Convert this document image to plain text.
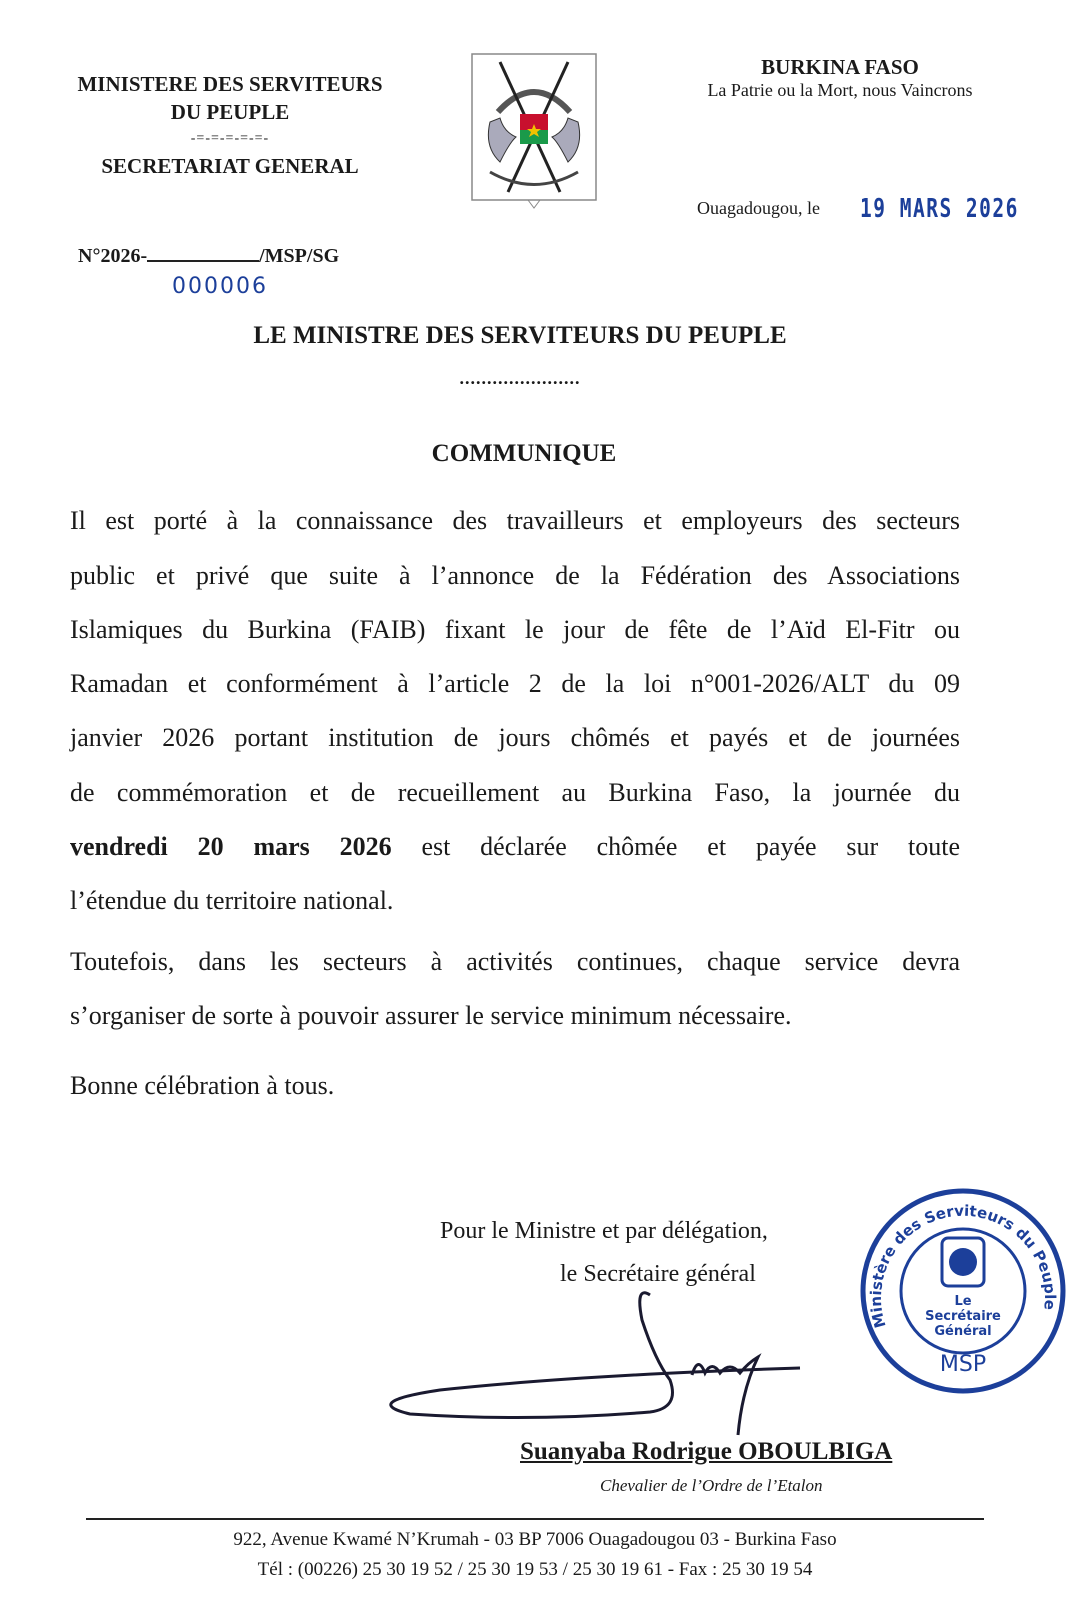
MINISTERE DES SERVITEURS
DU PEUPLE
-=-=-=-=-=-
SECRETARIAT GENERAL
BURKINA FASO
La Patrie ou la Mort, nous Vaincrons
Ouagadougou, le 19 MARS 2026
N°2026-	/MSP/SG
000006
LE MINISTRE DES SERVITEURS DU PEUPLE
......................
COMMUNIQUE
Il est porté à la connaissance des travailleurs et employeurs des secteurs
public et privé que suite à l’annonce de la Fédération des Associations
Islamiques du Burkina (FAIB) fixant le jour de fête de l’Aïd El-Fitr ou
Ramadan et conformément à l’article 2 de la loi n°001-2026/ALT du 09
janvier 2026 portant institution de jours chômés et payés et de journées
de commémoration et de recueillement au Burkina Faso, la journée du
vendredi 20 mars 2026 est déclarée chômée et payée sur toute
l’étendue du territoire national.
Toutefois, dans les secteurs à activités continues, chaque service devra
s’organiser de sorte à pouvoir assurer le service minimum nécessaire.
Bonne célébration à tous.
Pour le Ministre et par délégation,
le Secrétaire général
Ministère des Serviteurs du Peuple
Le Secrétaire Général
MSP
Suanyaba Rodrigue OBOULBIGA
Chevalier de l’Ordre de l’Etalon
922, Avenue Kwamé N’Krumah - 03 BP 7006 Ouagadougou 03 - Burkina Faso
Tél : (00226) 25 30 19 52 / 25 30 19 53 / 25 30 19 61 - Fax : 25 30 19 54
